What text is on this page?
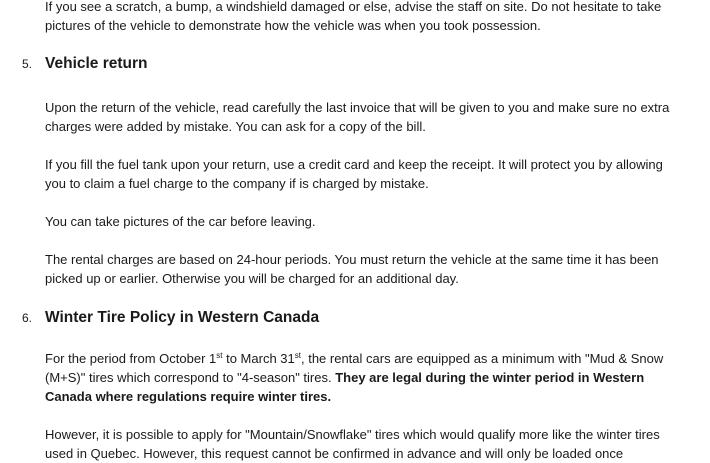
If you see a scratch, a bump, a windshield damaged or else, advise the staff on site. Do not hesitate to take pictures of the vehicle to demonstrate how the vehicle was when you took possession.

5. Vehicle return

Upon the return of the vehicle, read carefully the last invoice that will be given to you and make sure no extra charges were added by mistake. You can ask for a copy of the bill.

If you fill the fuel tank upon your return, use a credit card and keep the receipt. It will protect you by allowing you to claim a fuel charge to the company if is charged by mistake.

You can take pictures of the car before leaving.

The rental charges are based on 24-hour periods. You must return the vehicle at the same time it has been picked up or earlier. Otherwise you will be charged for an additional day.

6. Winter Tire Policy in Western Canada

For the period from October 1st to March 31st, the rental cars are equipped as a minimum with "Mud & Snow (M+S)" tires which correspond to "4-season" tires. They are legal during the winter period in Western Canada where regulations require winter tires.

However, it is possible to apply for "Mountain/Snowflake" tires which would qualify more like the winter tires used in Quebec. However, this request cannot be confirmed in advance and will only be loaded once
